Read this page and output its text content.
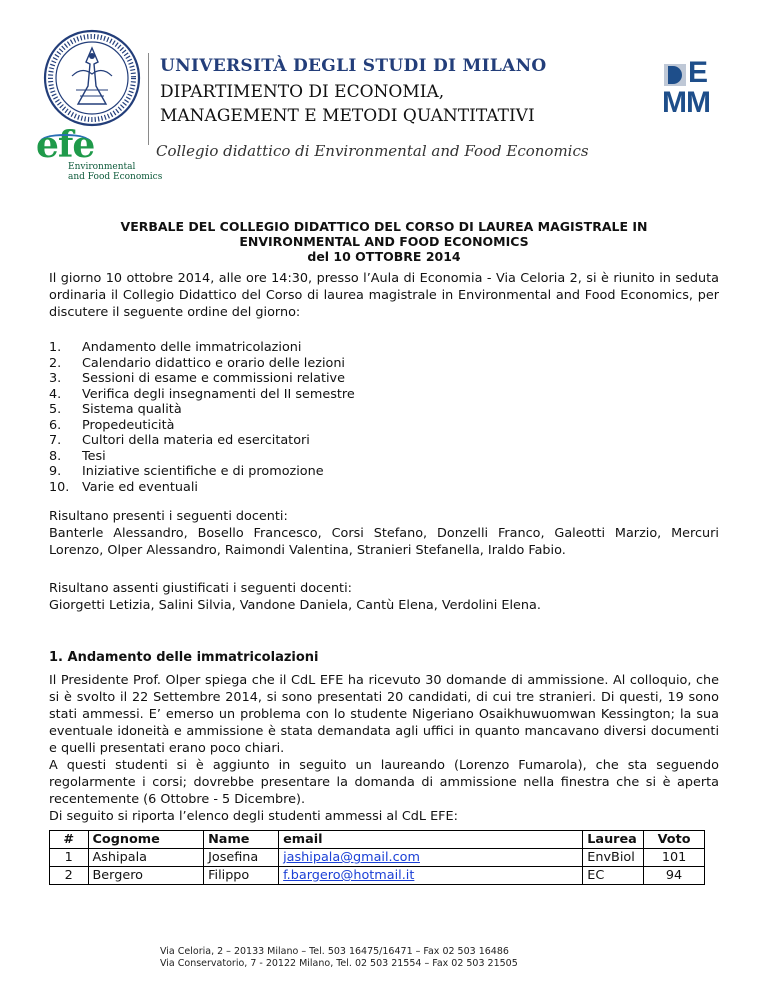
UNIVERSITÀ DEGLI STUDI DI MILANO
DIPARTIMENTO DI ECONOMIA,
MANAGEMENT E METODI QUANTITATIVI
E
MM
efe
Environmental
and Food Economics
Collegio didattico di Environmental and Food Economics
VERBALE DEL COLLEGIO DIDATTICO DEL CORSO DI LAUREA MAGISTRALE IN
ENVIRONMENTAL AND FOOD ECONOMICS
del 10 OTTOBRE 2014
Il giorno 10 ottobre 2014, alle ore 14:30, presso l’Aula di Economia - Via Celoria 2, si è riunito in seduta ordinaria il Collegio Didattico del Corso di laurea magistrale in Environmental and Food Economics, per discutere il seguente ordine del giorno:
1.	Andamento delle immatricolazioni
2.	Calendario didattico e orario delle lezioni
3.	Sessioni di esame e commissioni relative
4.	Verifica degli insegnamenti del II semestre
5.	Sistema qualità
6.	Propedeuticità
7.	Cultori della materia ed esercitatori
8.	Tesi
9.	Iniziative scientifiche e di promozione
10. Varie ed eventuali
Risultano presenti i seguenti docenti:
Banterle Alessandro, Bosello Francesco, Corsi Stefano, Donzelli Franco, Galeotti Marzio, Mercuri Lorenzo, Olper Alessandro, Raimondi Valentina, Stranieri Stefanella, Iraldo Fabio.
Risultano assenti giustificati i seguenti docenti:
Giorgetti Letizia, Salini Silvia, Vandone Daniela, Cantù Elena, Verdolini Elena.
1. Andamento delle immatricolazioni
Il Presidente Prof. Olper spiega che il CdL EFE ha ricevuto 30 domande di ammissione. Al colloquio, che si è svolto il 22 Settembre 2014, si sono presentati 20 candidati, di cui tre stranieri. Di questi, 19 sono stati ammessi. E’ emerso un problema con lo studente Nigeriano Osaikhuwuomwan Kessington; la sua eventuale idoneità e ammissione è stata demandata agli uffici in quanto mancavano diversi documenti e quelli presentati erano poco chiari.
A questi studenti si è aggiunto in seguito un laureando (Lorenzo Fumarola), che sta seguendo regolarmente i corsi; dovrebbe presentare la domanda di ammissione nella finestra che si è aperta recentemente (6 Ottobre - 5 Dicembre).
Di seguito si riporta l’elenco degli studenti ammessi al CdL EFE:
#	Cognome	Name	email	Laurea	Voto
1	Ashipala	Josefina	jashipala@gmail.com	EnvBiol	101
2	Bergero	Filippo	f.bargero@hotmail.it	EC	94
Via Celoria, 2 – 20133 Milano – Tel. 503 16475/16471 – Fax 02 503 16486
Via Conservatorio, 7 - 20122 Milano, Tel. 02 503 21554 – Fax 02 503 21505
